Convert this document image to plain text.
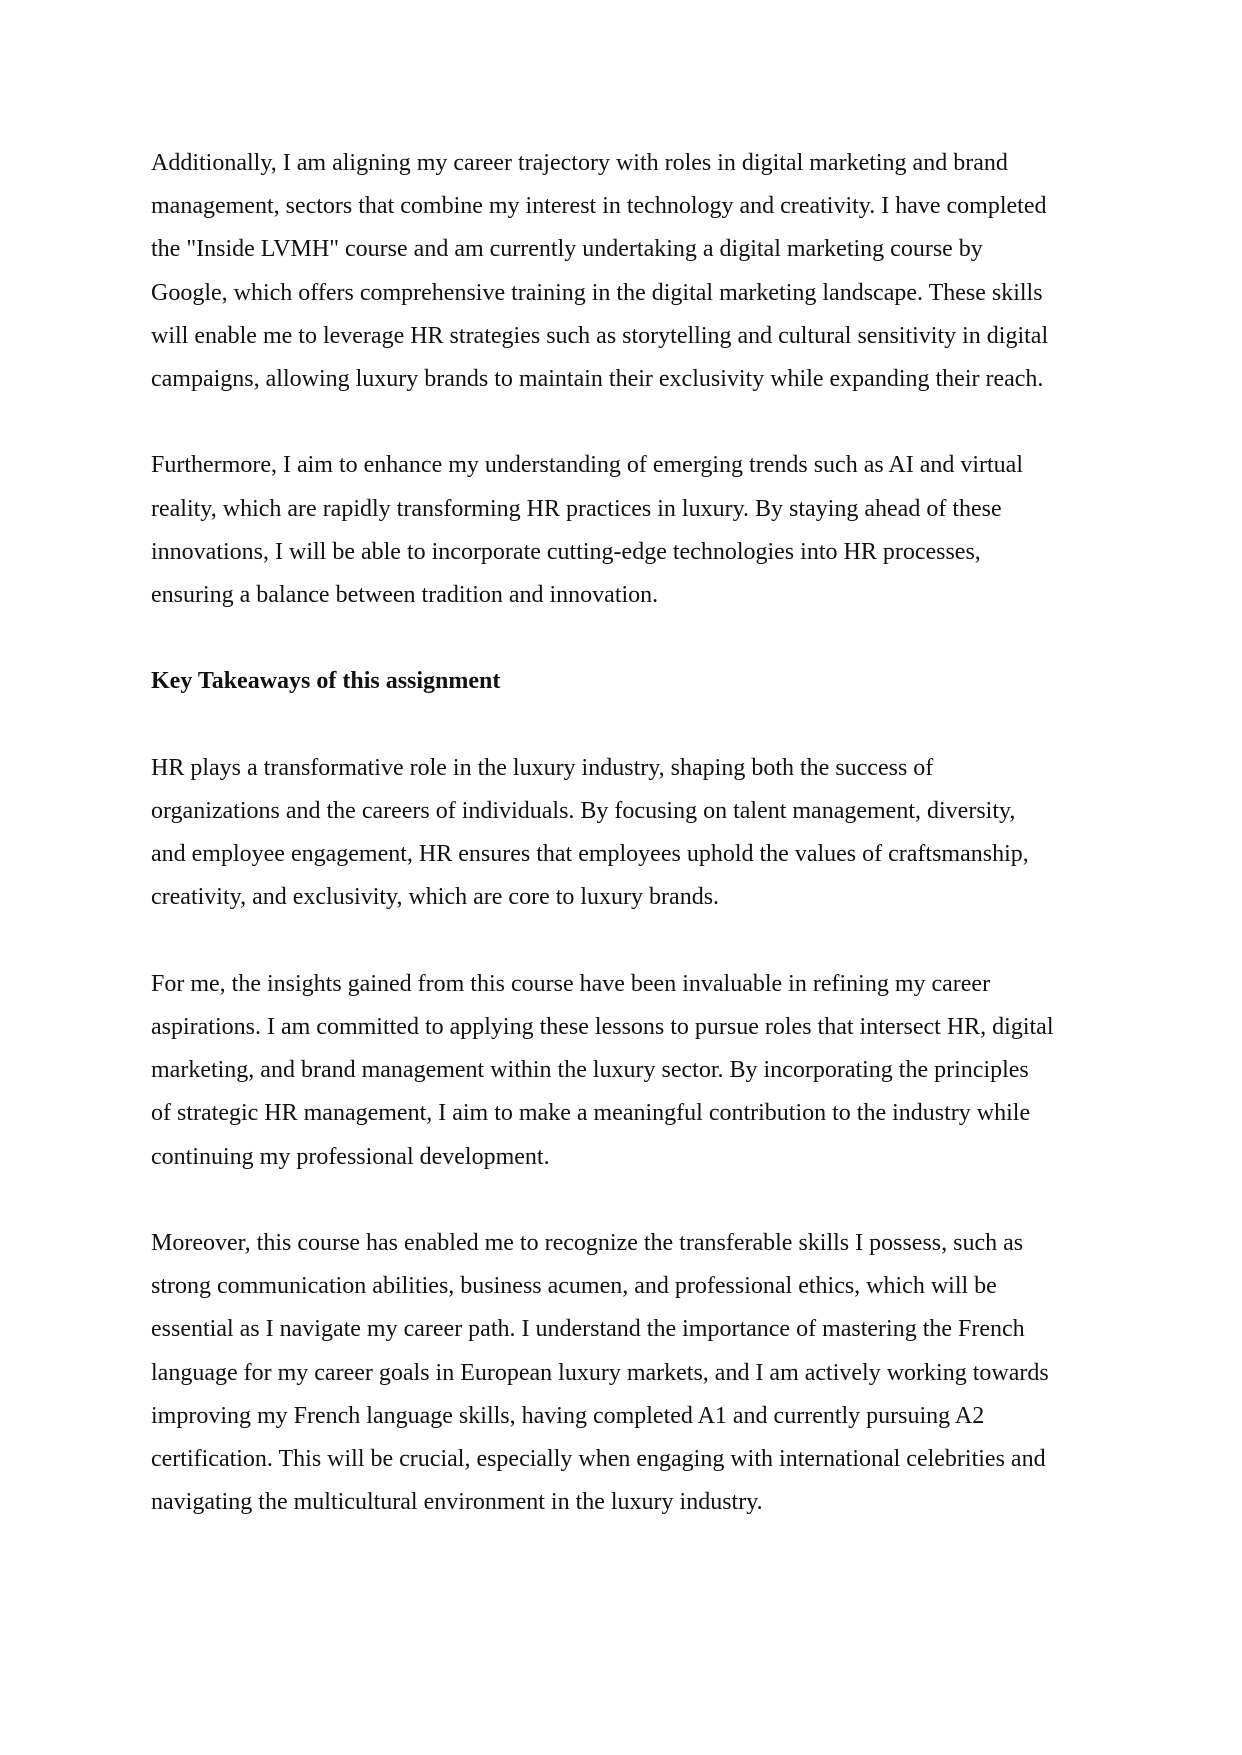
Additionally, I am aligning my career trajectory with roles in digital marketing and brand
management, sectors that combine my interest in technology and creativity. I have completed
the "Inside LVMH" course and am currently undertaking a digital marketing course by
Google, which offers comprehensive training in the digital marketing landscape. These skills
will enable me to leverage HR strategies such as storytelling and cultural sensitivity in digital
campaigns, allowing luxury brands to maintain their exclusivity while expanding their reach.
Furthermore, I aim to enhance my understanding of emerging trends such as AI and virtual
reality, which are rapidly transforming HR practices in luxury. By staying ahead of these
innovations, I will be able to incorporate cutting-edge technologies into HR processes,
ensuring a balance between tradition and innovation.
Key Takeaways of this assignment
HR plays a transformative role in the luxury industry, shaping both the success of
organizations and the careers of individuals. By focusing on talent management, diversity,
and employee engagement, HR ensures that employees uphold the values of craftsmanship,
creativity, and exclusivity, which are core to luxury brands.
For me, the insights gained from this course have been invaluable in refining my career
aspirations. I am committed to applying these lessons to pursue roles that intersect HR, digital
marketing, and brand management within the luxury sector. By incorporating the principles
of strategic HR management, I aim to make a meaningful contribution to the industry while
continuing my professional development.
Moreover, this course has enabled me to recognize the transferable skills I possess, such as
strong communication abilities, business acumen, and professional ethics, which will be
essential as I navigate my career path. I understand the importance of mastering the French
language for my career goals in European luxury markets, and I am actively working towards
improving my French language skills, having completed A1 and currently pursuing A2
certification. This will be crucial, especially when engaging with international celebrities and
navigating the multicultural environment in the luxury industry.
